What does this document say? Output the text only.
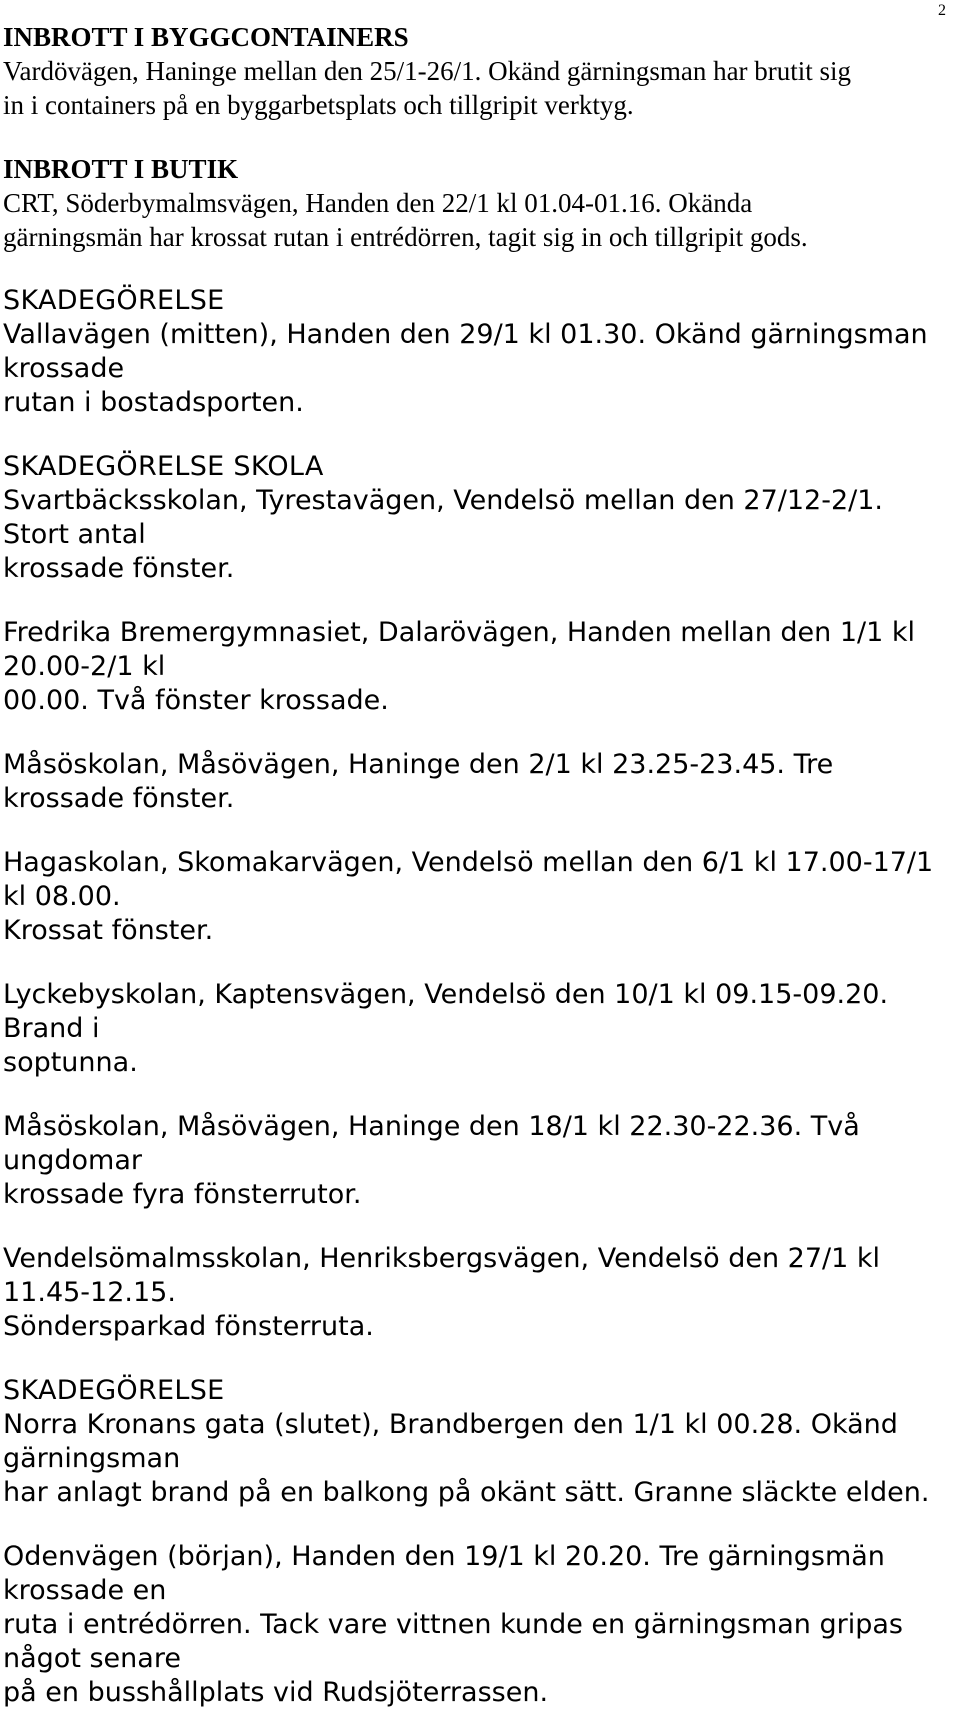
2

INBROTT I BYGGCONTAINERS

Vardövägen, Haninge mellan den 25/1-26/1. Okänd gärningsman har brutit sig

in i containers på en byggarbetsplats och tillgripit verktyg.

INBROTT I BUTIK

CRT, Söderbymalmsvägen, Handen den 22/1 kl 01.04-01.16. Okända

gärningsmän har krossat rutan i entrédörren, tagit sig in och tillgripit gods.

SKADEGÖRELSE

Vallavägen (mitten), Handen den 29/1 kl 01.30. Okänd gärningsman krossade

rutan i bostadsporten.

SKADEGÖRELSE SKOLA

Svartbäcksskolan, Tyrestavägen, Vendelsö mellan den 27/12-2/1. Stort antal

krossade fönster.

Fredrika Bremergymnasiet, Dalarövägen, Handen mellan den 1/1 kl 20.00-2/1 kl

00.00. Två fönster krossade.

Måsöskolan, Måsövägen, Haninge den 2/1 kl 23.25-23.45. Tre krossade fönster.

Hagaskolan, Skomakarvägen, Vendelsö mellan den 6/1 kl 17.00-17/1 kl 08.00.

Krossat fönster.

Lyckebyskolan, Kaptensvägen, Vendelsö den 10/1 kl 09.15-09.20. Brand i

soptunna.

Måsöskolan, Måsövägen, Haninge den 18/1 kl 22.30-22.36. Två ungdomar

krossade fyra fönsterrutor.

Vendelsömalmsskolan, Henriksbergsvägen, Vendelsö den 27/1 kl 11.45-12.15.

Söndersparkad fönsterruta.

SKADEGÖRELSE

Norra Kronans gata (slutet), Brandbergen den 1/1 kl 00.28. Okänd gärningsman

har anlagt brand på en balkong på okänt sätt. Granne släckte elden.

Odenvägen (början), Handen den 19/1 kl 20.20. Tre gärningsmän krossade en

ruta i entrédörren. Tack vare vittnen kunde en gärningsman gripas något senare

på en busshållplats vid Rudsjöterrassen.
